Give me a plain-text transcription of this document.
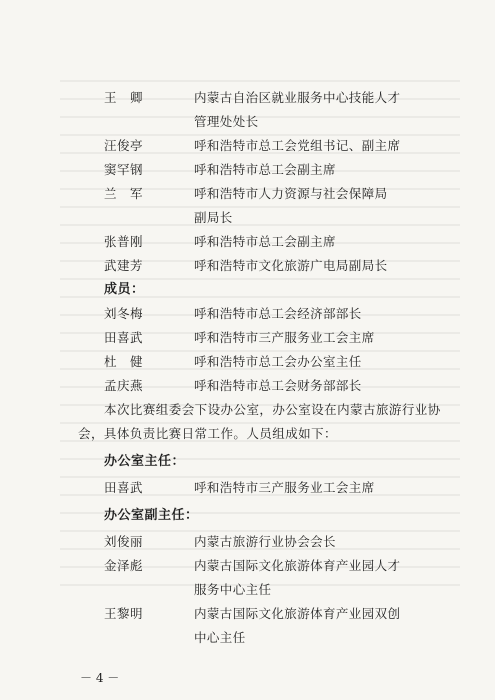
王　卿	内蒙古自治区就业服务中心技能人才
管理处处长
汪俊亭	呼和浩特市总工会党组书记、副主席
窦罕钢	呼和浩特市总工会副主席
兰　军	呼和浩特市人力资源与社会保障局
副局长
张普刚	呼和浩特市总工会副主席
武建芳	呼和浩特市文化旅游广电局副局长
成员：
刘冬梅	呼和浩特市总工会经济部部长
田喜武	呼和浩特市三产服务业工会主席
杜　健	呼和浩特市总工会办公室主任
孟庆燕	呼和浩特市总工会财务部部长
本次比赛组委会下设办公室，办公室设在内蒙古旅游行业协
会，具体负责比赛日常工作。人员组成如下：
办公室主任：
田喜武	呼和浩特市三产服务业工会主席
办公室副主任：
刘俊丽	内蒙古旅游行业协会会长
金泽彪	内蒙古国际文化旅游体育产业园人才
服务中心主任
王黎明	内蒙古国际文化旅游体育产业园双创
中心主任
－ 4 －
